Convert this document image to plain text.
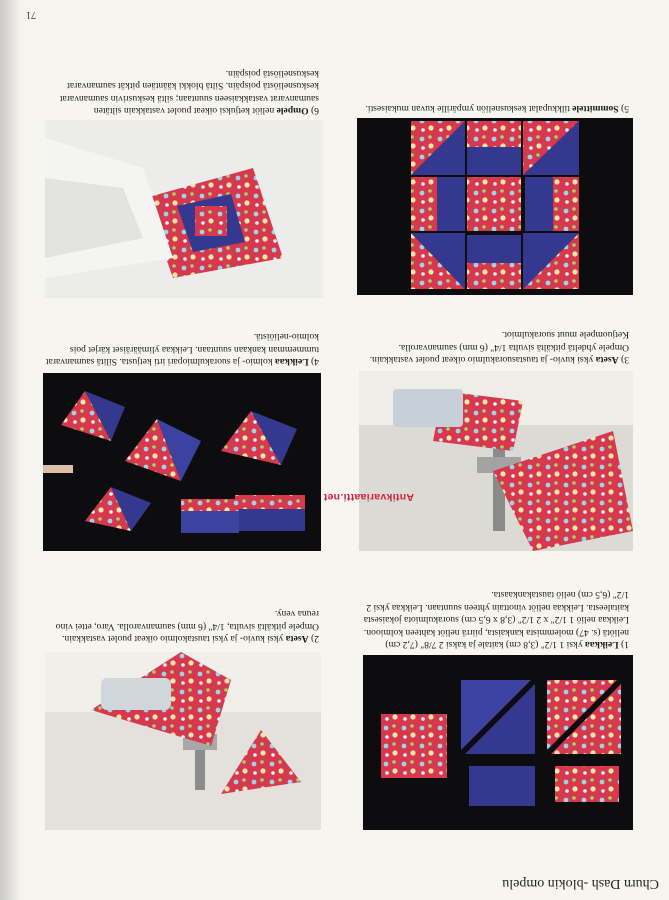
Churn Dash -blokin ompelu
71
1) Leikkaa yksi 1 1/2" (3,8 cm) kaitale ja kaksi 2 7/8" (7,2 cm) neliötä (s. 47) molemmista kankaista, piirrä neliöt kahteen kolmioon. Leikkaa neliö 1 1/2" x 2 1/2" (3,8 x 6,5 cm) suorakulmiota jokaisesta kaitaleesta. Leikkaa neliöt vinottain yhteen suuntaan. Leikkaa yksi 2 1/2" (6,5 cm) neliö taustakankaasta.
2) Aseta yksi kuvio- ja yksi taustakolmio oikeat puolet vastakkain. Ompele pitkältä sivulta, 1/4" (6 mm) saumanvarolla. Varo, ettei vino reuna veny.
3) Aseta yksi kuvio- ja taustasuorakulmio oikeat puolet vastakkain. Ompele yhdeltä pitkältä sivulta 1/4" (6 mm) saumanvarolla. Ketjuompele muut suorakulmiot.
4) Leikkaa kolmio- ja suorakulmiopari irti ketjusta. Silitä saumanvarat tummemman kankaan suuntaan. Leikkaa ylimääräiset kärjet pois kolmio-neliöistä.
5) Sommittele tilkkupalat keskusneliön ympärille kuvan mukaisesti.
6) Ompele neliöt ketjuksi oikeat puolet vastakkain siltäten saumanvarat vastakkaiseen suuntaan; siltä keskusrivin saumanvarat keskusneliöstä poispäin. Siltä blokki kääntäen pitkät saumanvarat keskusneliöstä poispäin.
Antikvariaatti.net
